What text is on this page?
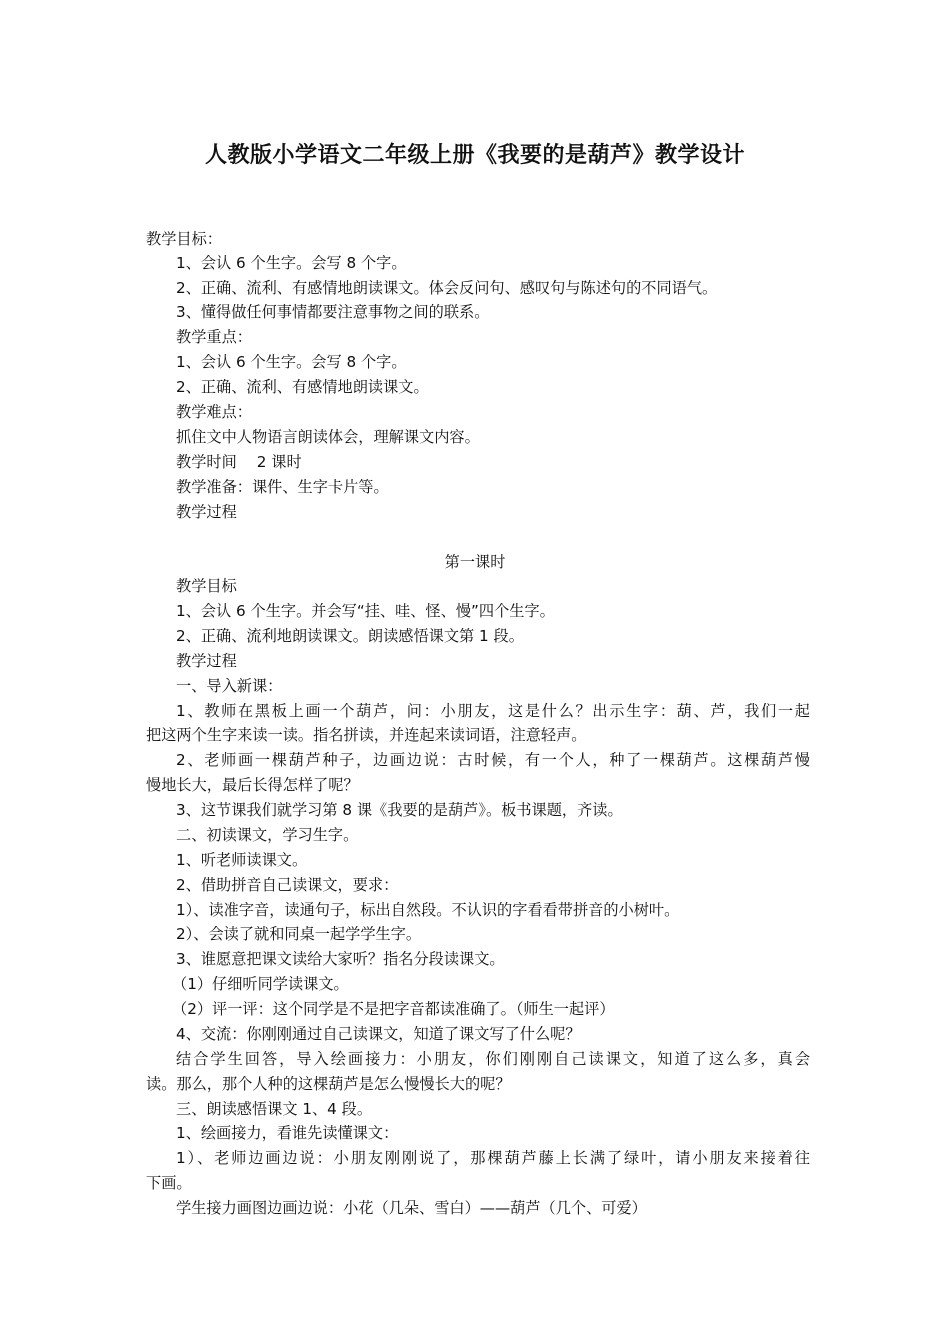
人教版小学语文二年级上册《我要的是葫芦》教学设计
教学目标：
1、会认 6 个生字。会写 8 个字。
2、正确、流利、有感情地朗读课文。体会反问句、感叹句与陈述句的不同语气。
3、懂得做任何事情都要注意事物之间的联系。
教学重点：
1、会认 6 个生字。会写 8 个字。
2、正确、流利、有感情地朗读课文。
教学难点：
抓住文中人物语言朗读体会，理解课文内容。
教学时间　 2 课时
教学准备：课件、生字卡片等。
教学过程
第一课时
教学目标
1、会认 6 个生字。并会写“挂、哇、怪、慢”四个生字。
2、正确、流利地朗读课文。朗读感悟课文第 1 段。
教学过程
一、导入新课：
1、教师在黑板上画一个葫芦，问：小朋友，这是什么？出示生字：葫、芦，我们一起
把这两个生字来读一读。指名拼读，并连起来读词语，注意轻声。
2、老师画一棵葫芦种子，边画边说：古时候，有一个人，种了一棵葫芦。这棵葫芦慢
慢地长大，最后长得怎样了呢？
3、这节课我们就学习第 8 课《我要的是葫芦》。板书课题，齐读。
二、初读课文，学习生字。
1、听老师读课文。
2、借助拼音自己读课文，要求：
1）、读准字音，读通句子，标出自然段。不认识的字看看带拼音的小树叶。
2）、会读了就和同桌一起学学生字。
3、谁愿意把课文读给大家听？指名分段读课文。
（1）仔细听同学读课文。
（2）评一评：这个同学是不是把字音都读准确了。（师生一起评）
4、交流：你刚刚通过自己读课文，知道了课文写了什么呢？
结合学生回答，导入绘画接力：小朋友，你们刚刚自己读课文，知道了这么多，真会
读。那么，那个人种的这棵葫芦是怎么慢慢长大的呢？
三、朗读感悟课文 1、4 段。
1、绘画接力，看谁先读懂课文：
1）、老师边画边说：小朋友刚刚说了，那棵葫芦藤上长满了绿叶，请小朋友来接着往
下画。
学生接力画图边画边说：小花（几朵、雪白）——葫芦（几个、可爱）
